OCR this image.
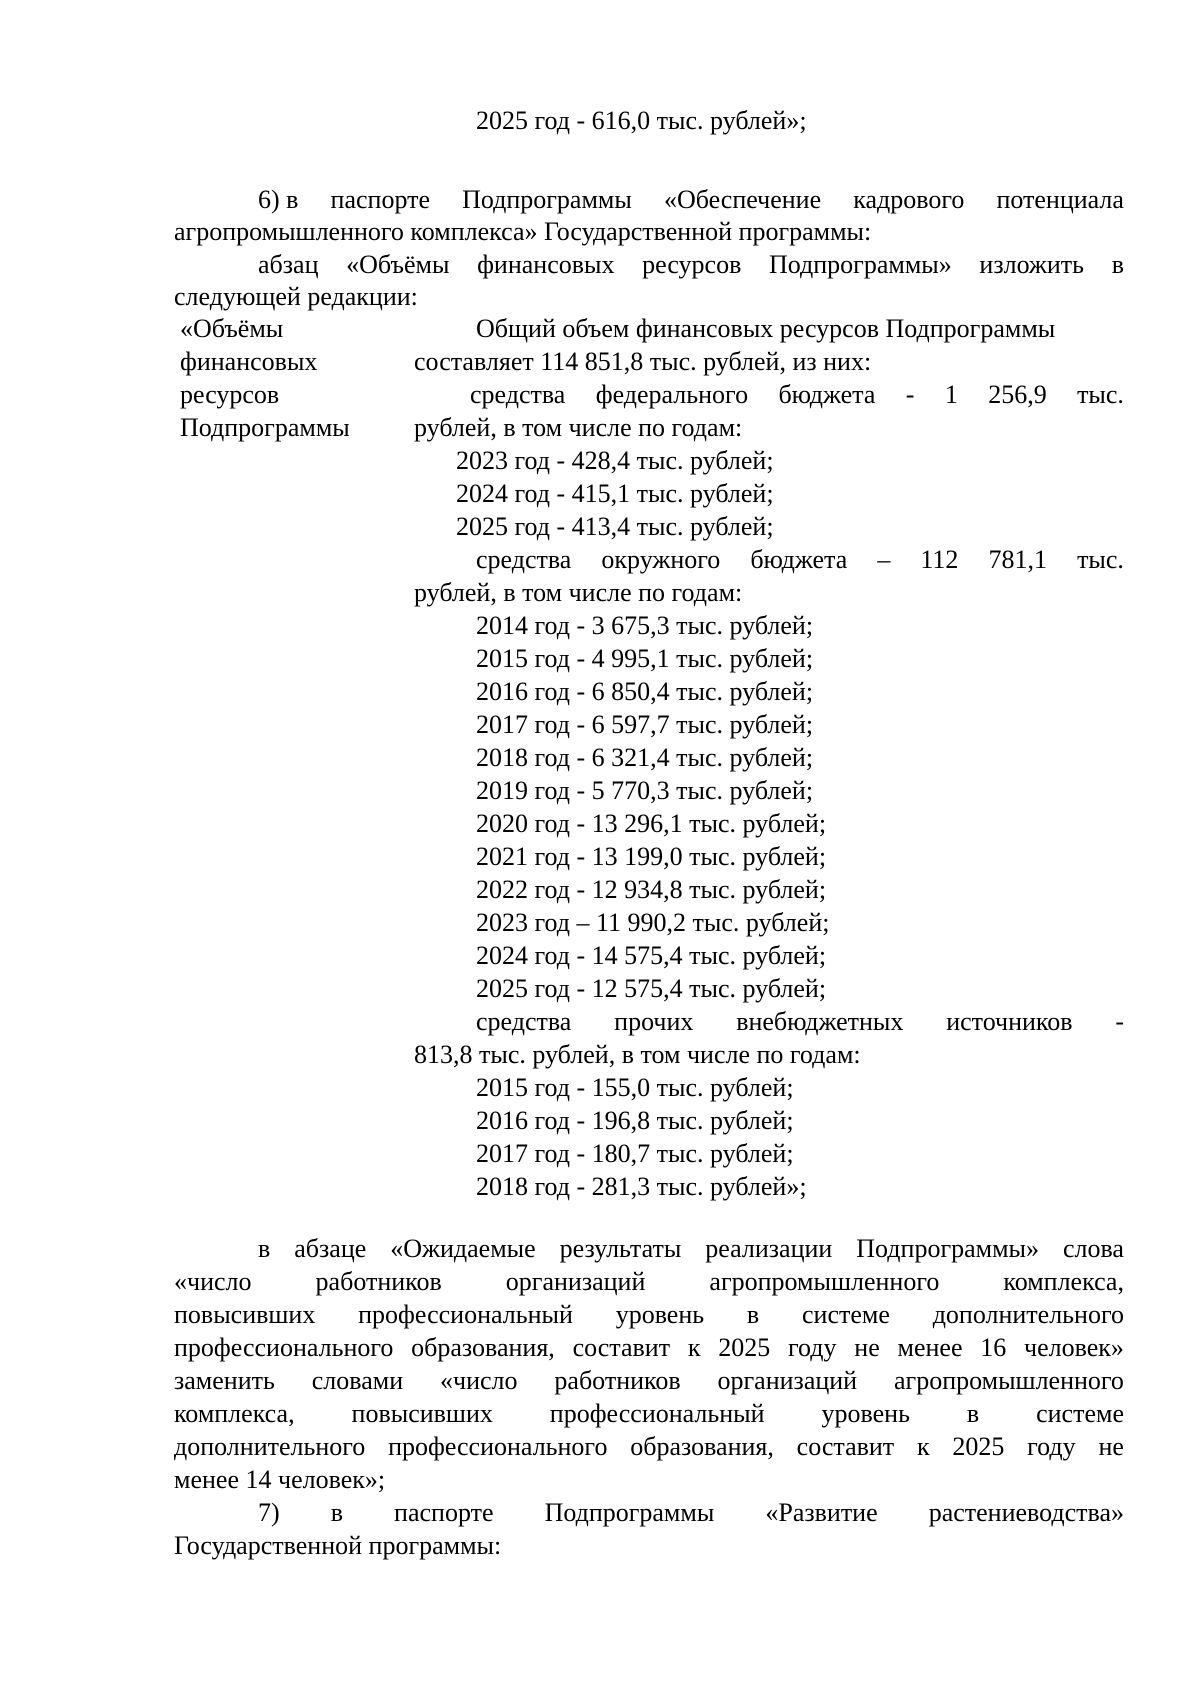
2025 год - 616,0 тыс. рублей»;
6) в паспорте Подпрограммы «Обеспечение кадрового потенциала
агропромышленного комплекса» Государственной программы:
абзац «Объёмы финансовых ресурсов Подпрограммы» изложить в
следующей редакции:
«Объёмы
финансовых
ресурсов
Подпрограммы
Общий объем финансовых ресурсов Подпрограммы
составляет 114 851,8 тыс. рублей, из них:
средства федерального бюджета - 1 256,9 тыс.
рублей, в том числе по годам:
2023 год - 428,4 тыс. рублей;
2024 год - 415,1 тыс. рублей;
2025 год - 413,4 тыс. рублей;
средства окружного бюджета – 112 781,1 тыс.
рублей, в том числе по годам:
2014 год - 3 675,3 тыс. рублей;
2015 год - 4 995,1 тыс. рублей;
2016 год - 6 850,4 тыс. рублей;
2017 год - 6 597,7 тыс. рублей;
2018 год - 6 321,4 тыс. рублей;
2019 год - 5 770,3 тыс. рублей;
2020 год - 13 296,1 тыс. рублей;
2021 год - 13 199,0 тыс. рублей;
2022 год - 12 934,8 тыс. рублей;
2023 год – 11 990,2 тыс. рублей;
2024 год - 14 575,4 тыс. рублей;
2025 год - 12 575,4 тыс. рублей;
средства прочих внебюджетных источников -
813,8 тыс. рублей, в том числе по годам:
2015 год - 155,0 тыс. рублей;
2016 год - 196,8 тыс. рублей;
2017 год - 180,7 тыс. рублей;
2018 год - 281,3 тыс. рублей»;
в абзаце «Ожидаемые результаты реализации Подпрограммы» слова
«число работников организаций агропромышленного комплекса,
повысивших профессиональный уровень в системе дополнительного
профессионального образования, составит к 2025 году не менее 16 человек»
заменить словами «число работников организаций агропромышленного
комплекса, повысивших профессиональный уровень в системе
дополнительного профессионального образования, составит к 2025 году не
менее 14 человек»;
7) в паспорте Подпрограммы «Развитие растениеводства»
Государственной программы:
